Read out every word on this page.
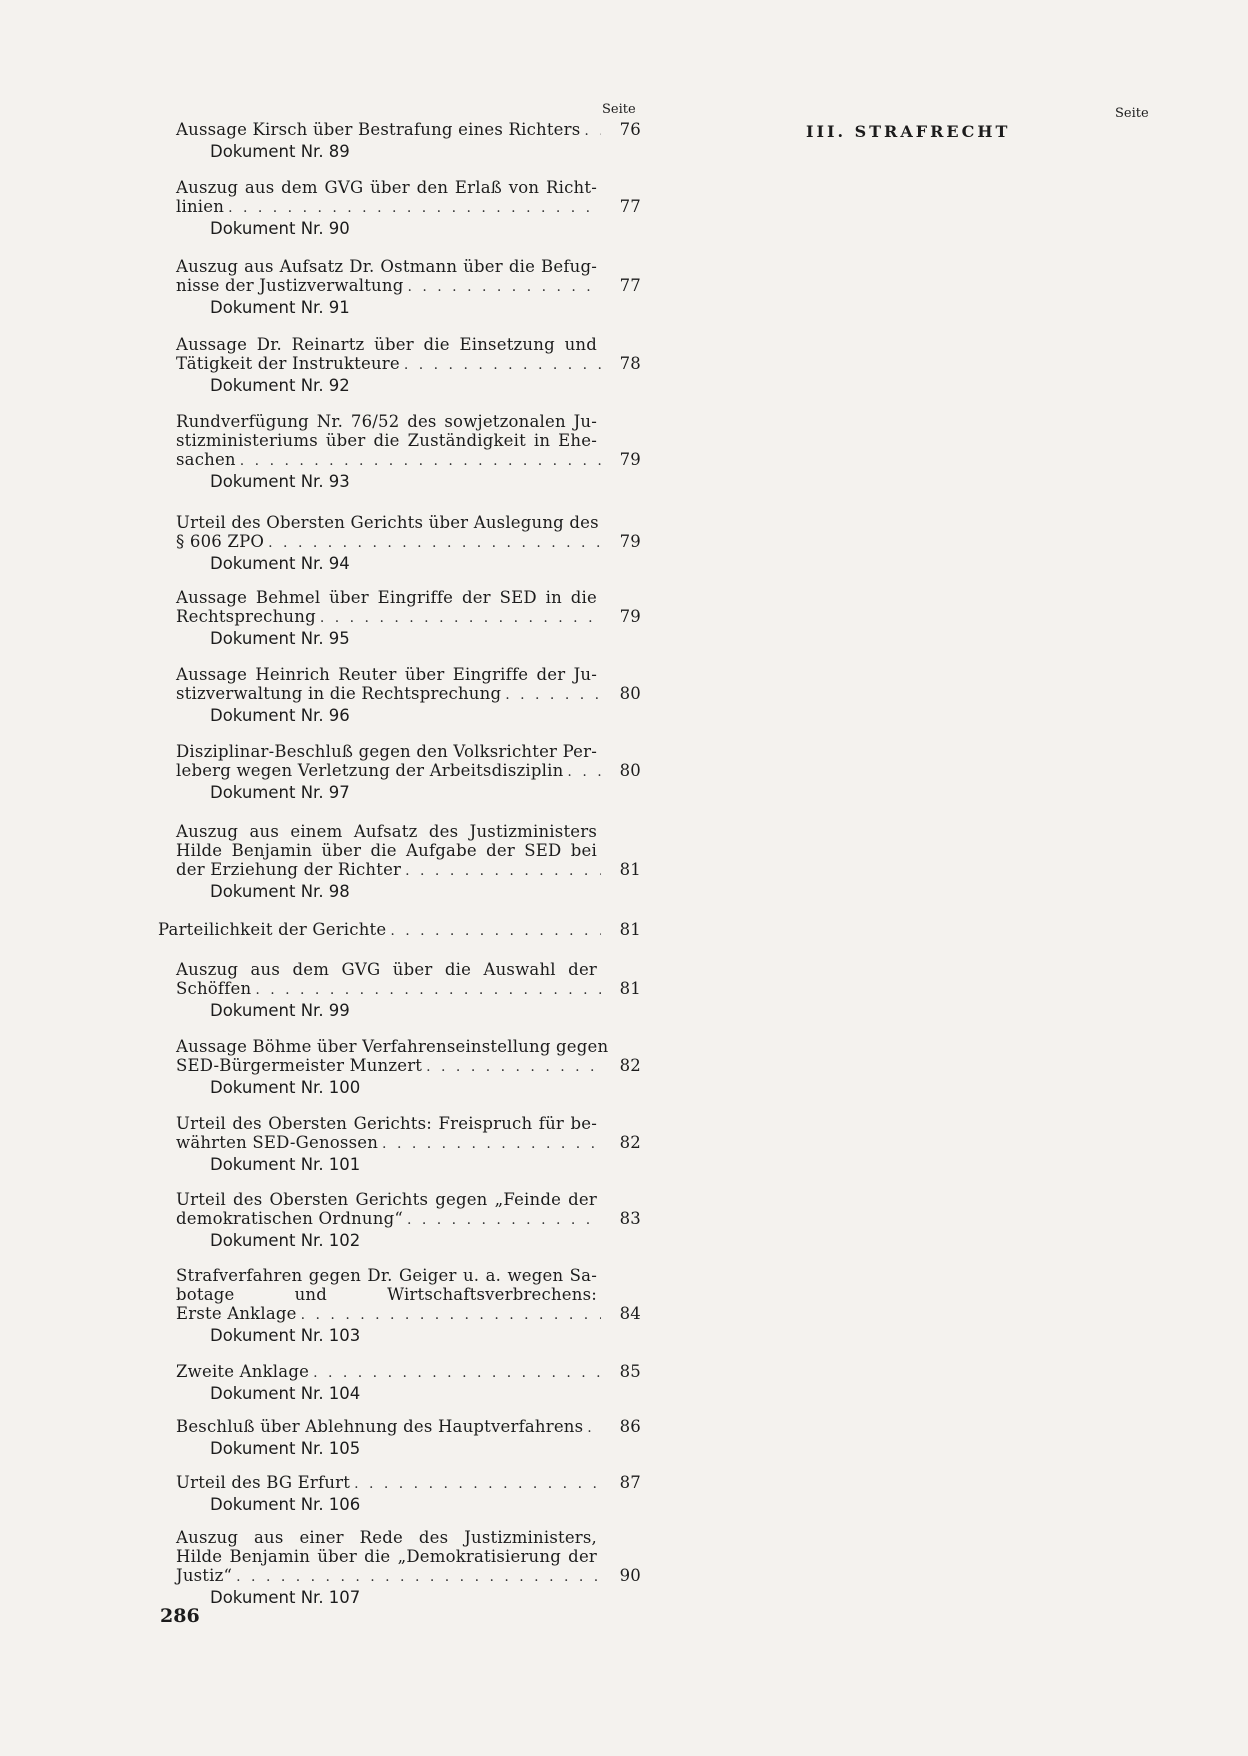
Seite
Aussage Kirsch über Bestrafung eines Richters . . .	76
Dokument Nr. 89
Auszug aus dem GVG über den Erlaß von Richt-
linien . . .	77
Dokument Nr. 90
Auszug aus Aufsatz Dr. Ostmann über die Befug-
nisse der Justizverwaltung . . .	77
Dokument Nr. 91
Aussage Dr. Reinartz über die Einsetzung und
Tätigkeit der Instrukteure . . .	78
Dokument Nr. 92
Rundverfügung Nr. 76/52 des sowjetzonalen Ju-
stizministeriums über die Zuständigkeit in Ehe-
sachen . . .	79
Dokument Nr. 93
Urteil des Obersten Gerichts über Auslegung des
§ 606 ZPO . . .	79
Dokument Nr. 94
Aussage Behmel über Eingriffe der SED in die
Rechtsprechung . . .	79
Dokument Nr. 95
Aussage Heinrich Reuter über Eingriffe der Ju-
stizverwaltung in die Rechtsprechung . . .	80
Dokument Nr. 96
Disziplinar-Beschluß gegen den Volksrichter Per-
leberg wegen Verletzung der Arbeitsdisziplin . . .	80
Dokument Nr. 97
Auszug aus einem Aufsatz des Justizministers
Hilde Benjamin über die Aufgabe der SED bei
der Erziehung der Richter . . .	81
Dokument Nr. 98
Parteilichkeit der Gerichte . . .	81
Auszug aus dem GVG über die Auswahl der
Schöffen . . .	81
Dokument Nr. 99
Aussage Böhme über Verfahrenseinstellung gegen
SED-Bürgermeister Munzert . . .	82
Dokument Nr. 100
Urteil des Obersten Gerichts: Freispruch für be-
währten SED-Genossen . . .	82
Dokument Nr. 101
Urteil des Obersten Gerichts gegen „Feinde der
demokratischen Ordnung“ . . .	83
Dokument Nr. 102
Strafverfahren gegen Dr. Geiger u. a. wegen Sa-
botage und Wirtschaftsverbrechens:
Erste Anklage . . .	84
Dokument Nr. 103
Zweite Anklage . . .	85
Dokument Nr. 104
Beschluß über Ablehnung des Hauptverfahrens . . .	86
Dokument Nr. 105
Urteil des BG Erfurt . . .	87
Dokument Nr. 106
Auszug aus einer Rede des Justizministers,
Hilde Benjamin über die „Demokratisierung der
Justiz“ . . .	90
Dokument Nr. 107
Seite
III. STRAFRECHT
286
